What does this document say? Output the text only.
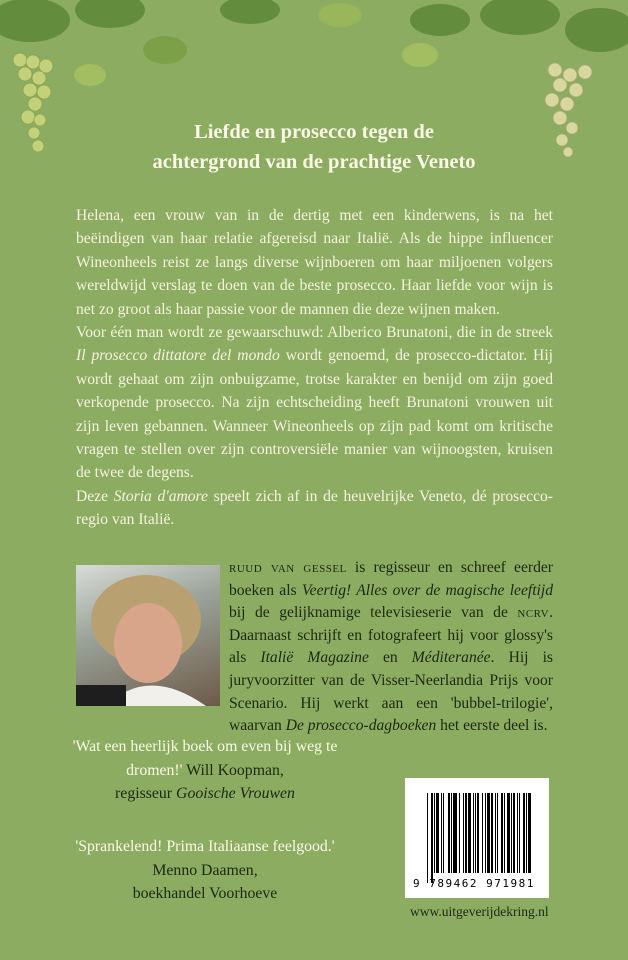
Liefde en prosecco tegen de
achtergrond van de prachtige Veneto

Helena, een vrouw van in de dertig met een kinderwens, is na het beëindigen van haar relatie afgereisd naar Italië. Als de hippe influencer Wineonheels reist ze langs diverse wijnboeren om haar miljoenen volgers wereldwijd verslag te doen van de beste prosecco. Haar liefde voor wijn is net zo groot als haar passie voor de mannen die deze wijnen maken.

Voor één man wordt ze gewaarschuwd: Alberico Brunatoni, die in de streek Il prosecco dittatore del mondo wordt genoemd, de prosecco-dictator. Hij wordt gehaat om zijn onbuigzame, trotse karakter en benijd om zijn goed verkopende prosecco. Na zijn echtscheiding heeft Brunatoni vrouwen uit zijn leven gebannen. Wanneer Wineonheels op zijn pad komt om kritische vragen te stellen over zijn controversiële manier van wijnoogsten, kruisen de twee de degens.

Deze Storia d'amore speelt zich af in de heuvelrijke Veneto, dé prosecco-regio van Italië.

ruud van gessel is regisseur en schreef eerder boeken als Veertig! Alles over de magische leeftijd bij de gelijknamige televisieserie van de ncrv. Daarnaast schrijft en fotografeert hij voor glossy's als Italië Magazine en Méditeranée. Hij is juryvoorzitter van de Visser-Neerlandia Prijs voor Scenario. Hij werkt aan een 'bubbel-trilogie', waarvan De prosecco-dagboeken het eerste deel is.
'Wat een heerlijk boek om even bij weg te dromen!' Will Koopman,
regisseur Gooische Vrouwen
'Sprankelend! Prima Italiaanse feelgood.' Menno Daamen,
boekhandel Voorhoeve
9 789462 971981
www.uitgeverijdekring.nl
